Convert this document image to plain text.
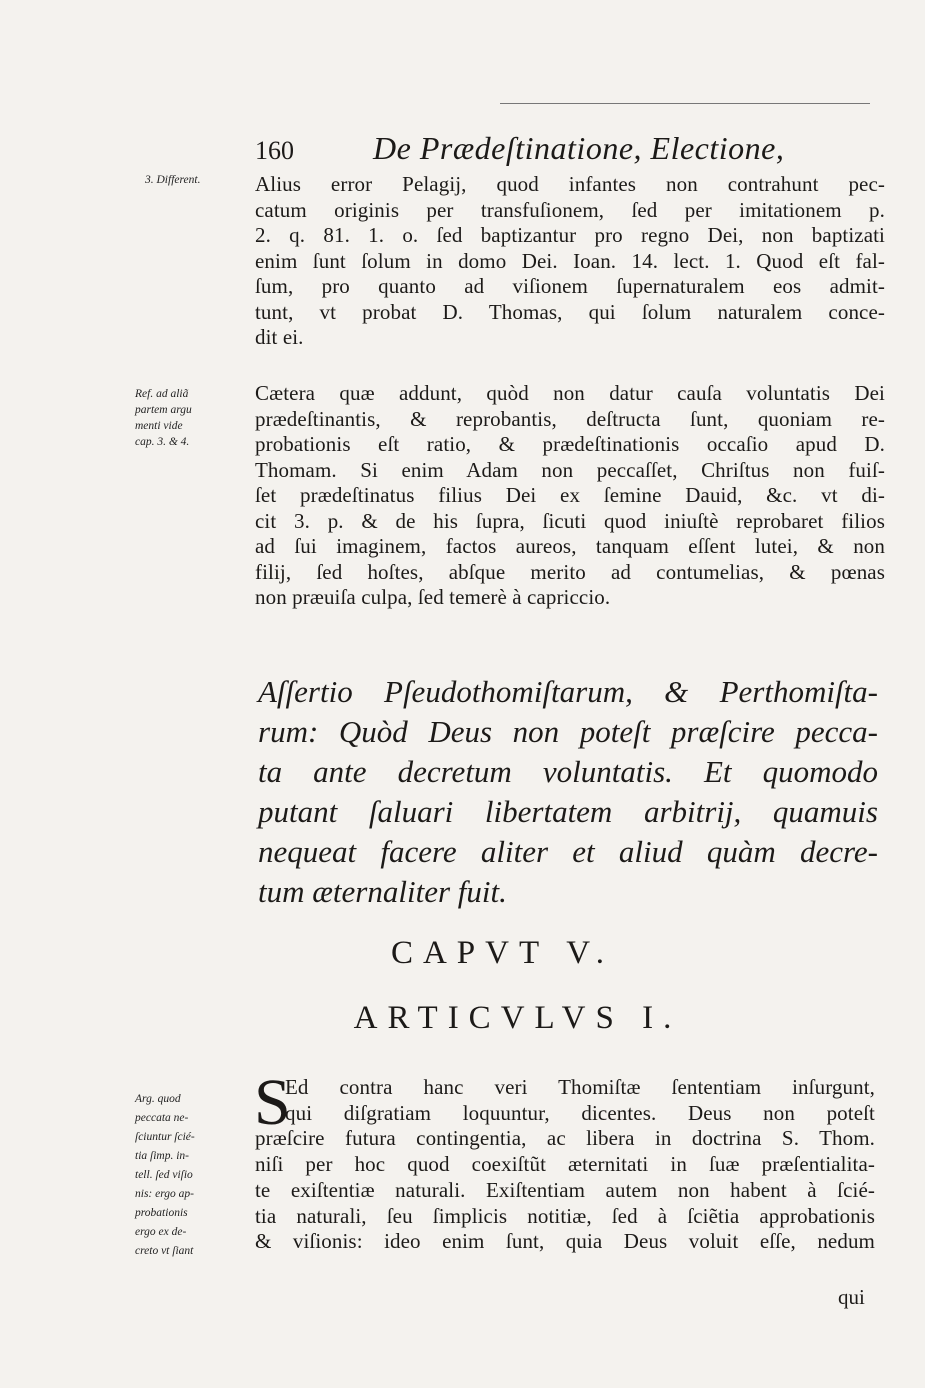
160 De Prædeſtinatione, Electione,
3. Different.
Ref. ad aliã
partem argu
menti vide
cap. 3. & 4.
Alius error Pelagij, quod infantes non contrahunt pec-
catum originis per transfuſionem, ſed per imitationem p.
2. q. 81. 1. o. ſed baptizantur pro regno Dei, non baptizati
enim ſunt ſolum in domo Dei. Ioan. 14. lect. 1. Quod eſt fal-
ſum, pro quanto ad viſionem ſupernaturalem eos admit-
tunt, vt probat D. Thomas, qui ſolum naturalem conce-
dit ei.
Cætera quæ addunt, quòd non datur cauſa voluntatis Dei
prædeſtinantis, & reprobantis, deſtructa ſunt, quoniam re-
probationis eſt ratio, & prædeſtinationis occaſio apud D.
Thomam. Si enim Adam non peccaſſet, Chriſtus non fuiſ-
ſet prædeſtinatus filius Dei ex ſemine Dauid, &c. vt di-
cit 3. p. & de his ſupra, ſicuti quod iniuſtè reprobaret filios
ad ſui imaginem, factos aureos, tanquam eſſent lutei, & non
filij, ſed hoſtes, abſque merito ad contumelias, & pœnas
non præuiſa culpa, ſed temerè à capriccio.
Aſſertio Pſeudothomiſtarum, & Perthomiſta-
rum: Quòd Deus non poteſt præſcire pecca-
ta ante decretum voluntatis. Et quomodo
putant ſaluari libertatem arbitrij, quamuis
nequeat facere aliter et aliud quàm decre-
tum æternaliter fuit.
CAPVT V.
ARTICVLVS I.
Arg. quod
peccata ne-
ſciuntur ſcié-
tia ſimp. in-
tell. ſed viſio
nis: ergo ap-
probationis
ergo ex de-
creto vt ſiant
S
Ed contra hanc veri Thomiſtæ ſententiam inſurgunt,
qui diſgratiam loquuntur, dicentes. Deus non poteſt
præſcire futura contingentia, ac libera in doctrina S. Thom.
niſi per hoc quod coexiſtũt æternitati in ſuæ præſentialita-
te exiſtentiæ naturali. Exiſtentiam autem non habent à ſcié-
tia naturali, ſeu ſimplicis notitiæ, ſed à ſciẽtia approbationis
& viſionis: ideo enim ſunt, quia Deus voluit eſſe, nedum
qui
